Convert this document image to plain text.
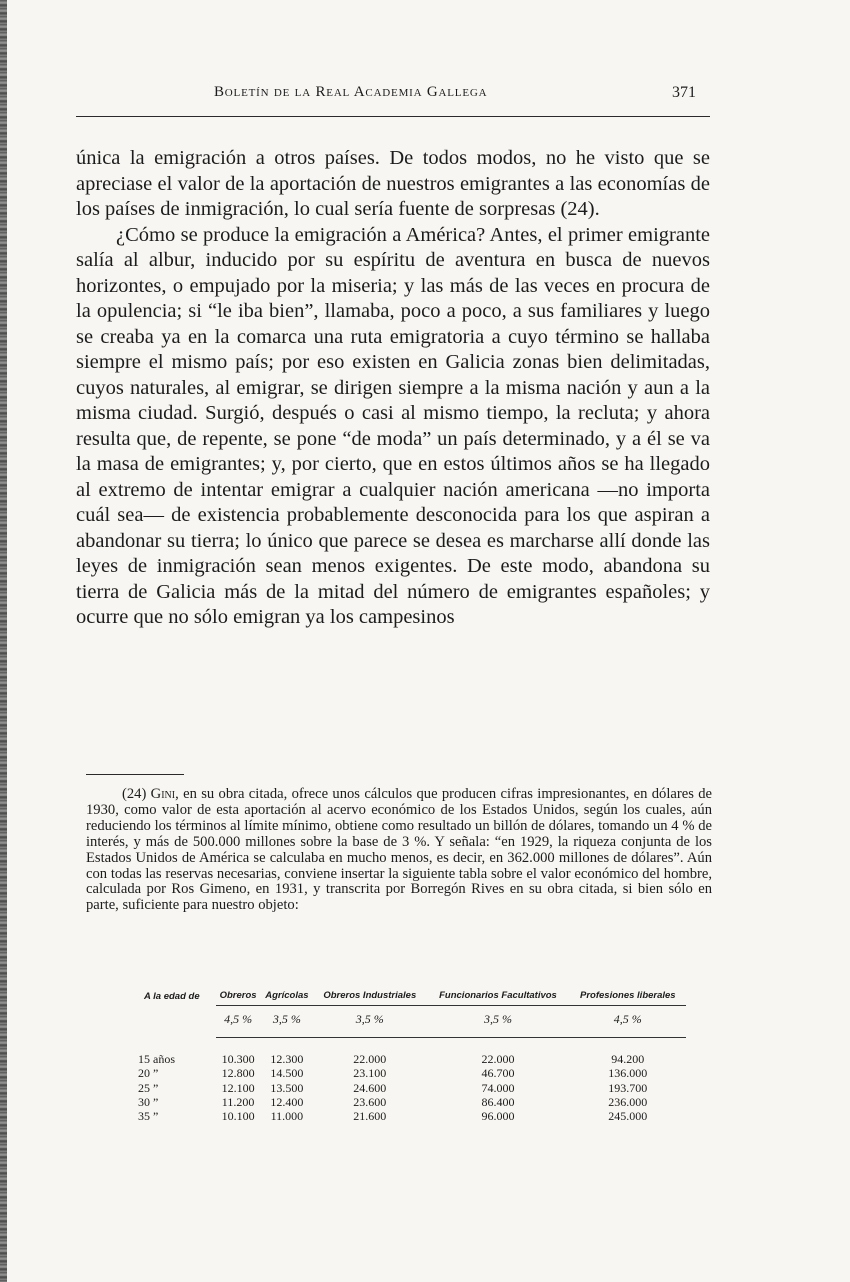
Boletín de la Real Academia Gallega	371

única la emigración a otros países. De todos modos, no he visto que se apreciase el valor de la aportación de nuestros emigrantes a las economías de los países de inmigración, lo cual sería fuente de sorpresas (24).

¿Cómo se produce la emigración a América? Antes, el primer emigrante salía al albur, inducido por su espíritu de aventura en busca de nuevos horizontes, o empujado por la miseria; y las más de las veces en procura de la opulencia; si “le iba bien”, llamaba, poco a poco, a sus familiares y luego se creaba ya en la comarca una ruta emigratoria a cuyo término se hallaba siempre el mismo país; por eso existen en Galicia zonas bien delimitadas, cuyos naturales, al emigrar, se dirigen siempre a la misma nación y aun a la misma ciudad. Surgió, después o casi al mismo tiempo, la recluta; y ahora resulta que, de repente, se pone “de moda” un país determinado, y a él se va la masa de emigrantes; y, por cierto, que en estos últimos años se ha llegado al extremo de intentar emigrar a cualquier nación americana —no importa cuál sea— de existencia probablemente desconocida para los que aspiran a abandonar su tierra; lo único que parece se desea es marcharse allí donde las leyes de inmigración sean menos exigentes. De este modo, abandona su tierra de Galicia más de la mitad del número de emigrantes españoles; y ocurre que no sólo emigran ya los campesinos

(24) Gini, en su obra citada, ofrece unos cálculos que producen cifras impresionantes, en dólares de 1930, como valor de esta aportación al acervo económico de los Estados Unidos, según los cuales, aún reduciendo los términos al límite mínimo, obtiene como resultado un billón de dólares, tomando un 4 % de interés, y más de 500.000 millones sobre la base de 3 %. Y señala: “en 1929, la riqueza conjunta de los Estados Unidos de América se calculaba en mucho menos, es decir, en 362.000 millones de dólares”. Aún con todas las reservas necesarias, conviene insertar la siguiente tabla sobre el valor económico del hombre, calculada por Ros Gimeno, en 1931, y transcrita por Borregón Rives en su obra citada, si bien sólo en parte, suficiente para nuestro objeto:
A la edad de	Obreros	Agrícolas	Obreros Industriales	Funcionarios Facultativos	Profesiones liberales
	4,5 %	3,5 %	3,5 %	3,5 %	4,5 %
15 años	10.300	12.300	22.000	22.000	94.200
20 ”	12.800	14.500	23.100	46.700	136.000
25 ”	12.100	13.500	24.600	74.000	193.700
30 ”	11.200	12.400	23.600	86.400	236.000
35 ”	10.100	11.000	21.600	96.000	245.000
